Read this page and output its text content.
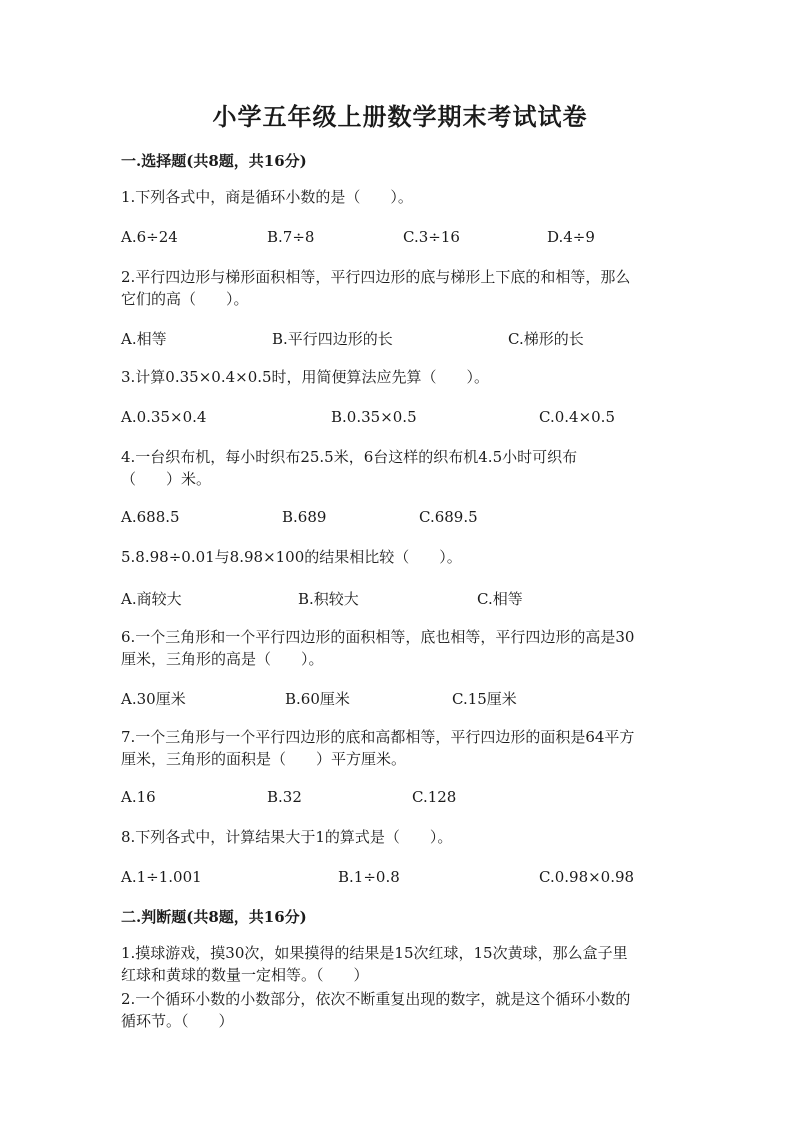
小学五年级上册数学期末考试试卷
一.选择题(共8题，共16分)
1.下列各式中，商是循环小数的是（　　）。
A.6÷24	B.7÷8	C.3÷16	D.4÷9
2.平行四边形与梯形面积相等，平行四边形的底与梯形上下底的和相等，那么
它们的高（　　）。
A.相等	B.平行四边形的长	C.梯形的长
3.计算0.35×0.4×0.5时，用简便算法应先算（　　）。
A.0.35×0.4	B.0.35×0.5	C.0.4×0.5
4.一台织布机，每小时织布25.5米，6台这样的织布机4.5小时可织布
（　　）米。
A.688.5	B.689	C.689.5
5.8.98÷0.01与8.98×100的结果相比较（　　）。
A.商较大	B.积较大	C.相等
6.一个三角形和一个平行四边形的面积相等，底也相等，平行四边形的高是30
厘米，三角形的高是（　　）。
A.30厘米	B.60厘米	C.15厘米
7.一个三角形与一个平行四边形的底和高都相等，平行四边形的面积是64平方
厘米，三角形的面积是（　　）平方厘米。
A.16	B.32	C.128
8.下列各式中，计算结果大于1的算式是（　　）。
A.1÷1.001	B.1÷0.8	C.0.98×0.98
二.判断题(共8题，共16分)
1.摸球游戏，摸30次，如果摸得的结果是15次红球，15次黄球，那么盒子里
红球和黄球的数量一定相等。（　　）
2.一个循环小数的小数部分，依次不断重复出现的数字，就是这个循环小数的
循环节。（　　）
